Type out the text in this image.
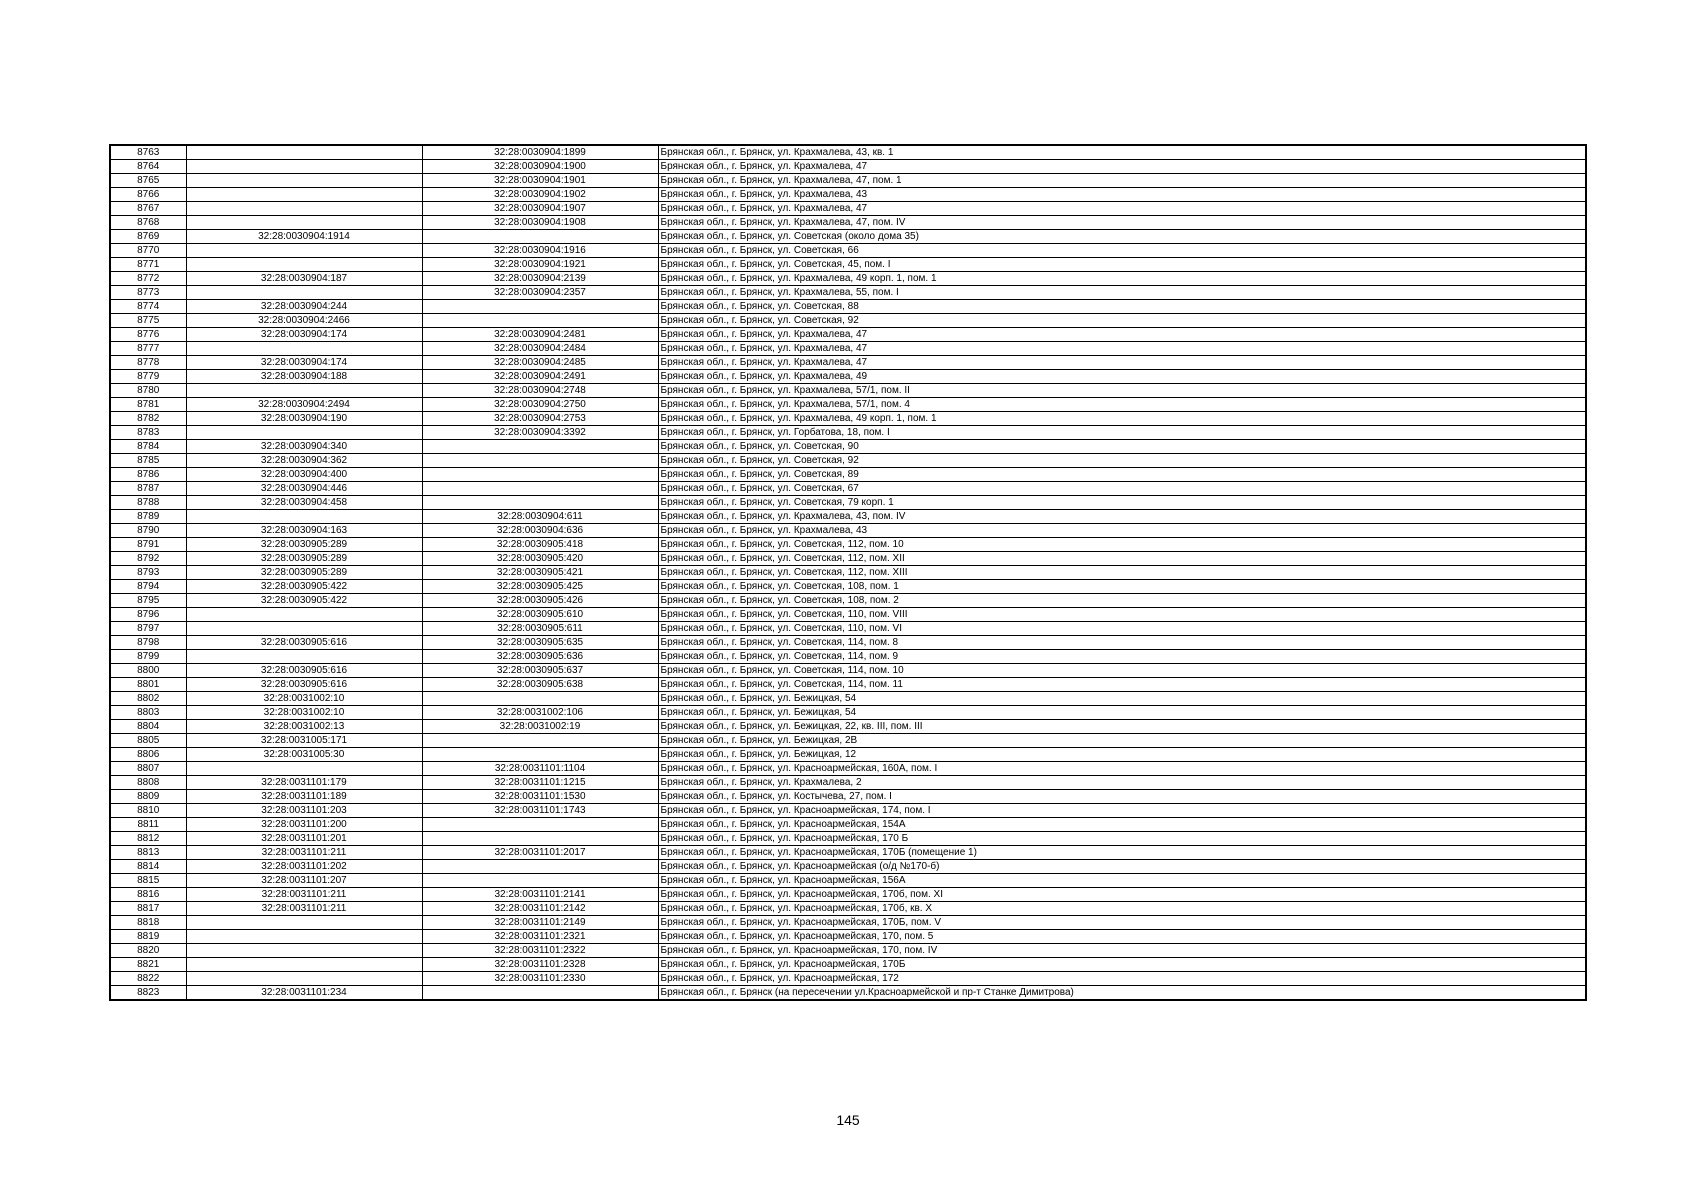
8763		32:28:0030904:1899	Брянская обл., г. Брянск, ул. Крахмалева, 43, кв. 1
8764		32:28:0030904:1900	Брянская обл., г. Брянск, ул. Крахмалева, 47
8765		32:28:0030904:1901	Брянская обл., г. Брянск, ул. Крахмалева, 47, пом. 1
8766		32:28:0030904:1902	Брянская обл., г. Брянск, ул. Крахмалева, 43
8767		32:28:0030904:1907	Брянская обл., г. Брянск, ул. Крахмалева, 47
8768		32:28:0030904:1908	Брянская обл., г. Брянск, ул. Крахмалева, 47, пом. IV
8769	32:28:0030904:1914		Брянская обл., г. Брянск, ул. Советская (около дома 35)
8770		32:28:0030904:1916	Брянская обл., г. Брянск, ул. Советская, 66
8771		32:28:0030904:1921	Брянская обл., г. Брянск, ул. Советская, 45, пом. I
8772	32:28:0030904:187	32:28:0030904:2139	Брянская обл., г. Брянск, ул. Крахмалева, 49 корп. 1, пом. 1
8773		32:28:0030904:2357	Брянская обл., г. Брянск, ул. Крахмалева, 55, пом. I
8774	32:28:0030904:244		Брянская обл., г. Брянск, ул. Советская, 88
8775	32:28:0030904:2466		Брянская обл., г. Брянск, ул. Советская, 92
8776	32:28:0030904:174	32:28:0030904:2481	Брянская обл., г. Брянск, ул. Крахмалева, 47
8777		32:28:0030904:2484	Брянская обл., г. Брянск, ул. Крахмалева, 47
8778	32:28:0030904:174	32:28:0030904:2485	Брянская обл., г. Брянск, ул. Крахмалева, 47
8779	32:28:0030904:188	32:28:0030904:2491	Брянская обл., г. Брянск, ул. Крахмалева, 49
8780		32:28:0030904:2748	Брянская обл., г. Брянск, ул. Крахмалева, 57/1, пом. II
8781	32:28:0030904:2494	32:28:0030904:2750	Брянская обл., г. Брянск, ул. Крахмалева, 57/1, пом. 4
8782	32:28:0030904:190	32:28:0030904:2753	Брянская обл., г. Брянск, ул. Крахмалева, 49 корп. 1, пом. 1
8783		32:28:0030904:3392	Брянская обл., г. Брянск, ул. Горбатова, 18, пом. I
8784	32:28:0030904:340		Брянская обл., г. Брянск, ул. Советская, 90
8785	32:28:0030904:362		Брянская обл., г. Брянск, ул. Советская, 92
8786	32:28:0030904:400		Брянская обл., г. Брянск, ул. Советская, 89
8787	32:28:0030904:446		Брянская обл., г. Брянск, ул. Советская, 67
8788	32:28:0030904:458		Брянская обл., г. Брянск, ул. Советская, 79 корп. 1
8789		32:28:0030904:611	Брянская обл., г. Брянск, ул. Крахмалева, 43, пом. IV
8790	32:28:0030904:163	32:28:0030904:636	Брянская обл., г. Брянск, ул. Крахмалева, 43
8791	32:28:0030905:289	32:28:0030905:418	Брянская обл., г. Брянск, ул. Советская, 112, пом. 10
8792	32:28:0030905:289	32:28:0030905:420	Брянская обл., г. Брянск, ул. Советская, 112, пом. XII
8793	32:28:0030905:289	32:28:0030905:421	Брянская обл., г. Брянск, ул. Советская, 112, пом. XIII
8794	32:28:0030905:422	32:28:0030905:425	Брянская обл., г. Брянск, ул. Советская, 108, пом. 1
8795	32:28:0030905:422	32:28:0030905:426	Брянская обл., г. Брянск, ул. Советская, 108, пом. 2
8796		32:28:0030905:610	Брянская обл., г. Брянск, ул. Советская, 110, пом. VIII
8797		32:28:0030905:611	Брянская обл., г. Брянск, ул. Советская, 110, пом. VI
8798	32:28:0030905:616	32:28:0030905:635	Брянская обл., г. Брянск, ул. Советская, 114, пом. 8
8799		32:28:0030905:636	Брянская обл., г. Брянск, ул. Советская, 114, пом. 9
8800	32:28:0030905:616	32:28:0030905:637	Брянская обл., г. Брянск, ул. Советская, 114, пом. 10
8801	32:28:0030905:616	32:28:0030905:638	Брянская обл., г. Брянск, ул. Советская, 114, пом. 11
8802	32:28:0031002:10		Брянская обл., г. Брянск, ул. Бежицкая, 54
8803	32:28:0031002:10	32:28:0031002:106	Брянская обл., г. Брянск, ул. Бежицкая, 54
8804	32:28:0031002:13	32:28:0031002:19	Брянская обл., г. Брянск, ул. Бежицкая, 22, кв. III, пом. III
8805	32:28:0031005:171		Брянская обл., г. Брянск, ул. Бежицкая, 2В
8806	32:28:0031005:30		Брянская обл., г. Брянск, ул. Бежицкая, 12
8807		32:28:0031101:1104	Брянская обл., г. Брянск, ул. Красноармейская, 160А, пом. I
8808	32:28:0031101:179	32:28:0031101:1215	Брянская обл., г. Брянск, ул. Крахмалева, 2
8809	32:28:0031101:189	32:28:0031101:1530	Брянская обл., г. Брянск, ул. Костычева, 27, пом. I
8810	32:28:0031101:203	32:28:0031101:1743	Брянская обл., г. Брянск, ул. Красноармейская, 174, пом. I
8811	32:28:0031101:200		Брянская обл., г. Брянск, ул. Красноармейская, 154А
8812	32:28:0031101:201		Брянская обл., г. Брянск, ул. Красноармейская, 170 Б
8813	32:28:0031101:211	32:28:0031101:2017	Брянская обл., г. Брянск, ул. Красноармейская, 170Б (помещение 1)
8814	32:28:0031101:202		Брянская обл., г. Брянск, ул. Красноармейская (о/д №170-б)
8815	32:28:0031101:207		Брянская обл., г. Брянск, ул. Красноармейская, 156А
8816	32:28:0031101:211	32:28:0031101:2141	Брянская обл., г. Брянск, ул. Красноармейская, 170б, пом. XI
8817	32:28:0031101:211	32:28:0031101:2142	Брянская обл., г. Брянск, ул. Красноармейская, 170б, кв. X
8818		32:28:0031101:2149	Брянская обл., г. Брянск, ул. Красноармейская, 170Б, пом. V
8819		32:28:0031101:2321	Брянская обл., г. Брянск, ул. Красноармейская, 170, пом. 5
8820		32:28:0031101:2322	Брянская обл., г. Брянск, ул. Красноармейская, 170, пом. IV
8821		32:28:0031101:2328	Брянская обл., г. Брянск, ул. Красноармейская, 170Б
8822		32:28:0031101:2330	Брянская обл., г. Брянск, ул. Красноармейская, 172
8823	32:28:0031101:234		Брянская обл., г. Брянск (на пересечении ул.Красноармейской и пр-т Станке Димитрова)
145
